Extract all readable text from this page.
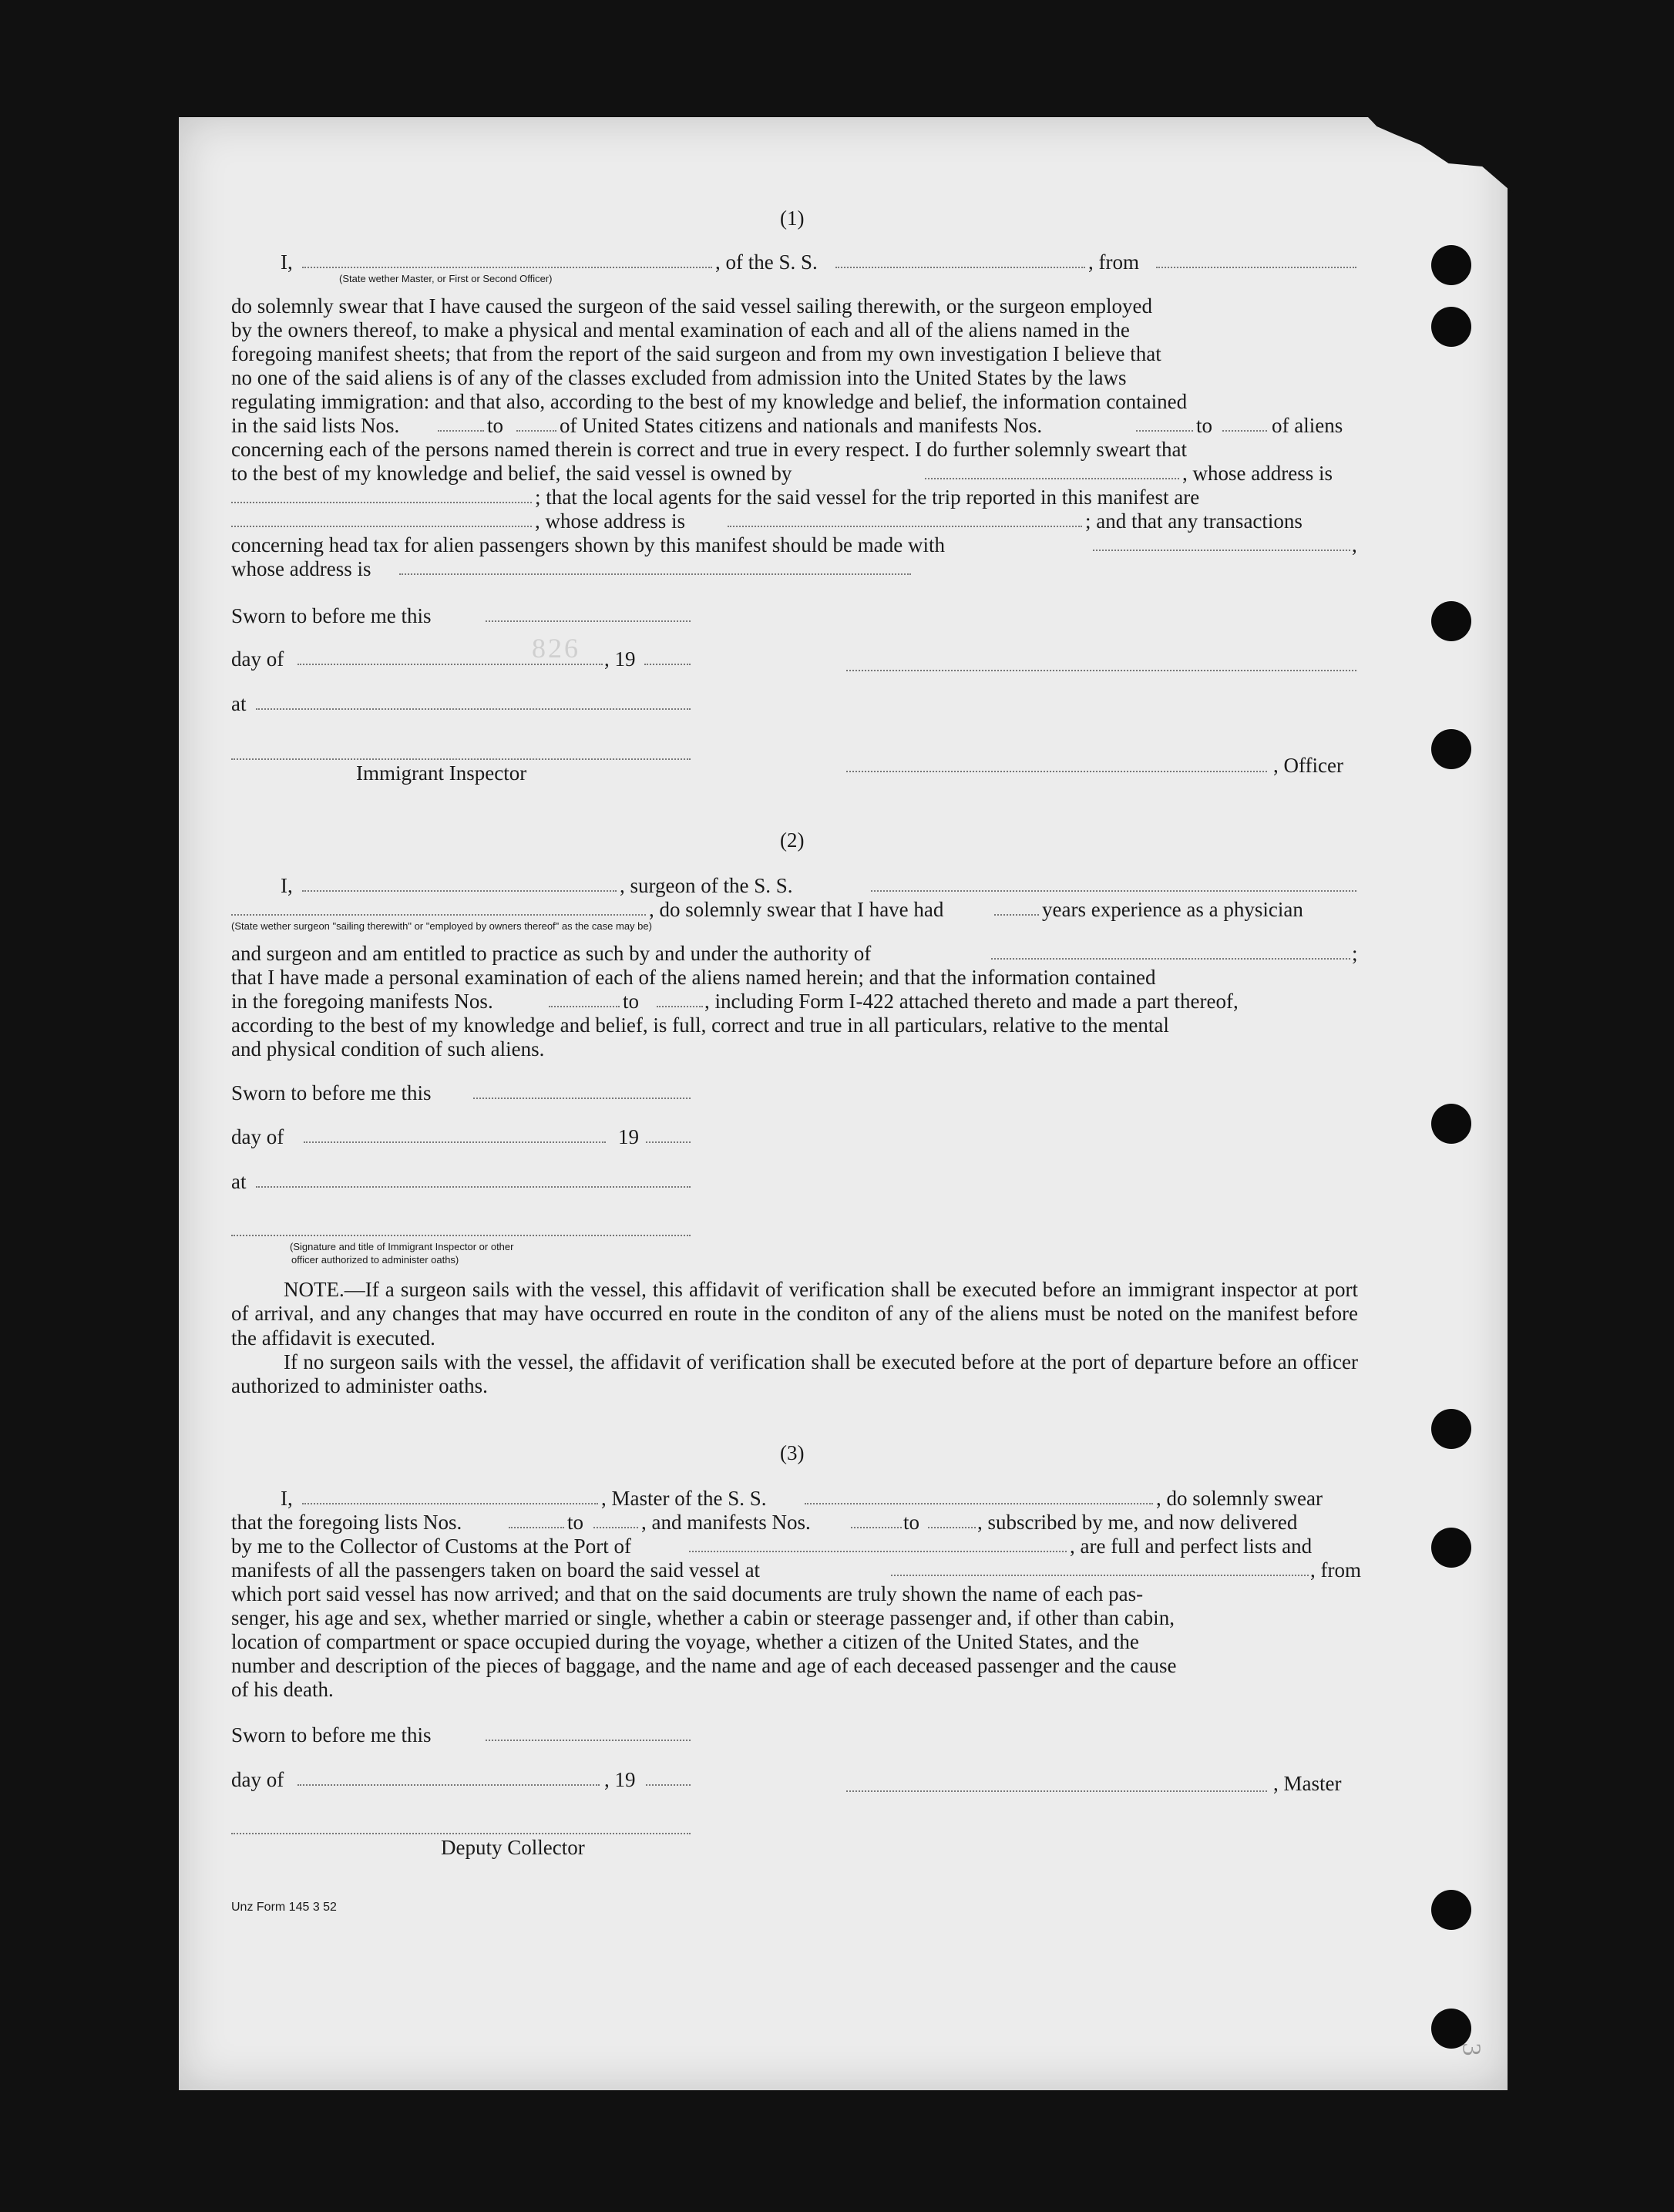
826
(1)
I,	, of the S. S.	, from
(State wether Master, or First or Second Officer)
do solemnly swear that I have caused the surgeon of the said vessel sailing therewith, or the surgeon employed
by the owners thereof, to make a physical and mental examination of each and all of the aliens named in the
foregoing manifest sheets; that from the report of the said surgeon and from my own investigation I believe that
no one of the said aliens is of any of the classes excluded from admission into the United States by the laws
regulating immigration: and that also, according to the best of my knowledge and belief, the information contained
in the said lists Nos.	to	of United States citizens and nationals and manifests Nos.	to	of aliens
concerning each of the persons named therein is correct and true in every respect. I do further solemnly sweart that
to the best of my knowledge and belief, the said vessel is owned by	, whose address is
; that the local agents for the said vessel for the trip reported in this manifest are
, whose address is	; and that any transactions
concerning head tax for alien passengers shown by this manifest should be made with	,
whose address is
Sworn to before me this
day of	, 19
at
Immigrant Inspector	, Officer
(2)
I,	, surgeon of the S. S.
, do solemnly swear that I have had	years experience as a physician
(State wether surgeon "sailing therewith" or "employed by owners thereof" as the case may be)
and surgeon and am entitled to practice as such by and under the authority of	;
that I have made a personal examination of each of the aliens named herein; and that the information contained
in the foregoing manifests Nos.	to	, including Form I-422 attached thereto and made a part thereof,
according to the best of my knowledge and belief, is full, correct and true in all particulars, relative to the mental
and physical condition of such aliens.
Sworn to before me this
day of	19
at
(Signature and title of Immigrant Inspector or other
officer authorized to administer oaths)

NOTE.—If a surgeon sails with the vessel, this affidavit of verification shall be executed before an immigrant inspector at port of arrival, and any changes that may have occurred en route in the conditon of any of the aliens must be noted on the manifest before the affidavit is executed.

If no surgeon sails with the vessel, the affidavit of verification shall be executed before at the port of departure before an officer authorized to administer oaths.

(3)
I,	, Master of the S. S.	, do solemnly swear
that the foregoing lists Nos.	to	, and manifests Nos.	to	, subscribed by me, and now delivered
by me to the Collector of Customs at the Port of	, are full and perfect lists and
manifests of all the passengers taken on board the said vessel at	, from
which port said vessel has now arrived; and that on the said documents are truly shown the name of each pas-
senger, his age and sex, whether married or single, whether a cabin or steerage passenger and, if other than cabin,
location of compartment or space occupied during the voyage, whether a citizen of the United States, and the
number and description of the pieces of baggage, and the name and age of each deceased passenger and the cause
of his death.
Sworn to before me this
day of	, 19	, Master
Deputy Collector
Unz Form 145 3 52
3
